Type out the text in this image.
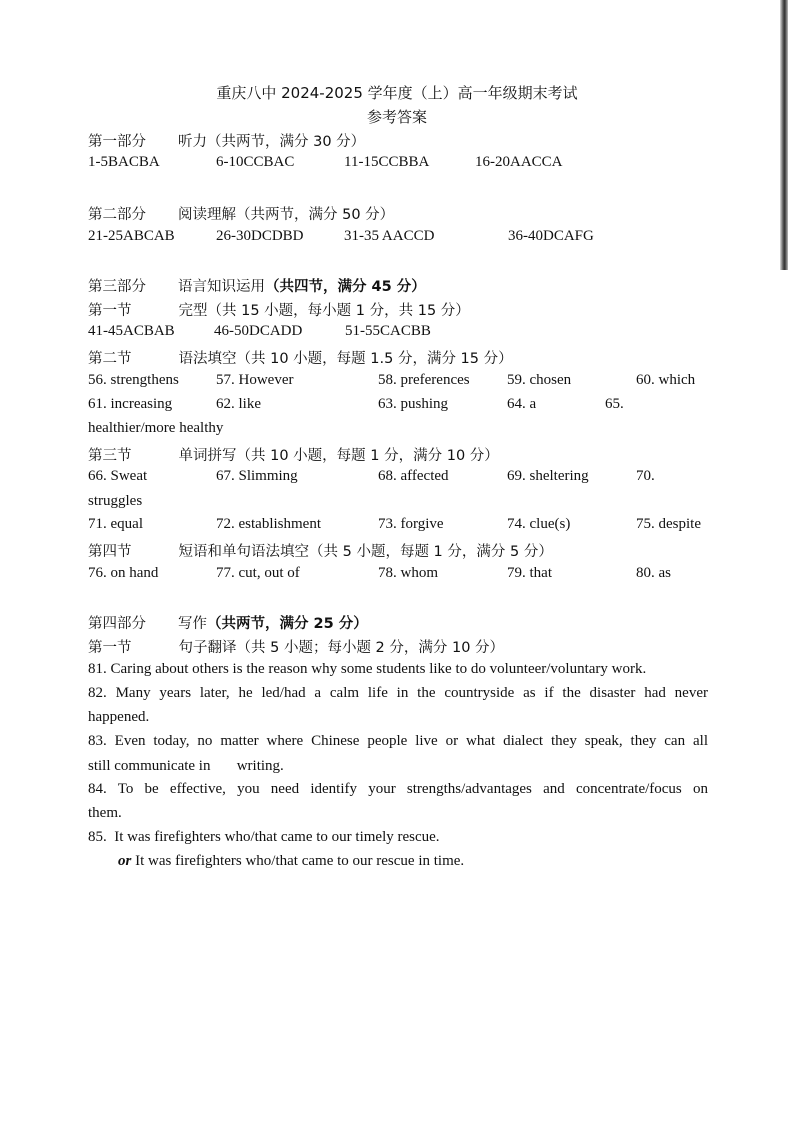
重庆八中 2024-2025 学年度（上）高一年级期末考试
参考答案
第一部分 听力（共两节，满分 30 分）
1-5BACBA	6-10CCBAC	11-15CCBBA	16-20AACCA
第二部分 阅读理解（共两节，满分 50 分）
21-25ABCAB	26-30DCDBD	31-35 AACCD	36-40DCAFG
第三部分 语言知识运用（共四节，满分 45 分）
第一节	完型（共 15 小题，每小题 1 分，共 15 分）
41-45ACBAB	46-50DCADD	51-55CACBB
第二节	语法填空（共 10 小题，每题 1.5 分，满分 15 分）
56. strengthens 57. However	58. preferences 59. chosen	60. which
61. increasing	62. like	63. pushing	64. a	65.
healthier/more healthy
第三节	单词拼写（共 10 小题，每题 1 分，满分 10 分）
66. Sweat	67. Slimming	68. affected	69. sheltering	70.
struggles
71. equal	72. establishment	73. forgive	74. clue(s)	75. despite
第四节	短语和单句语法填空（共 5 小题，每题 1 分，满分 5 分）
76. on hand	77. cut, out of	78. whom	79. that	80. as
第四部分 写作（共两节，满分 25 分）
第一节	句子翻译（共 5 小题；每小题 2 分，满分 10 分）
81. Caring about others is the reason why some students like to do volunteer/voluntary work.
82. Many years later, he led/had a calm life in the countryside as if the disaster had never
happened.
83. Even today, no matter where Chinese people live or what dialect they speak, they can all
still communicate in       writing.
84. To be effective, you need identify your strengths/advantages and concentrate/focus on
them.
85.  It was firefighters who/that came to our timely rescue.
or It was firefighters who/that came to our rescue in time.
